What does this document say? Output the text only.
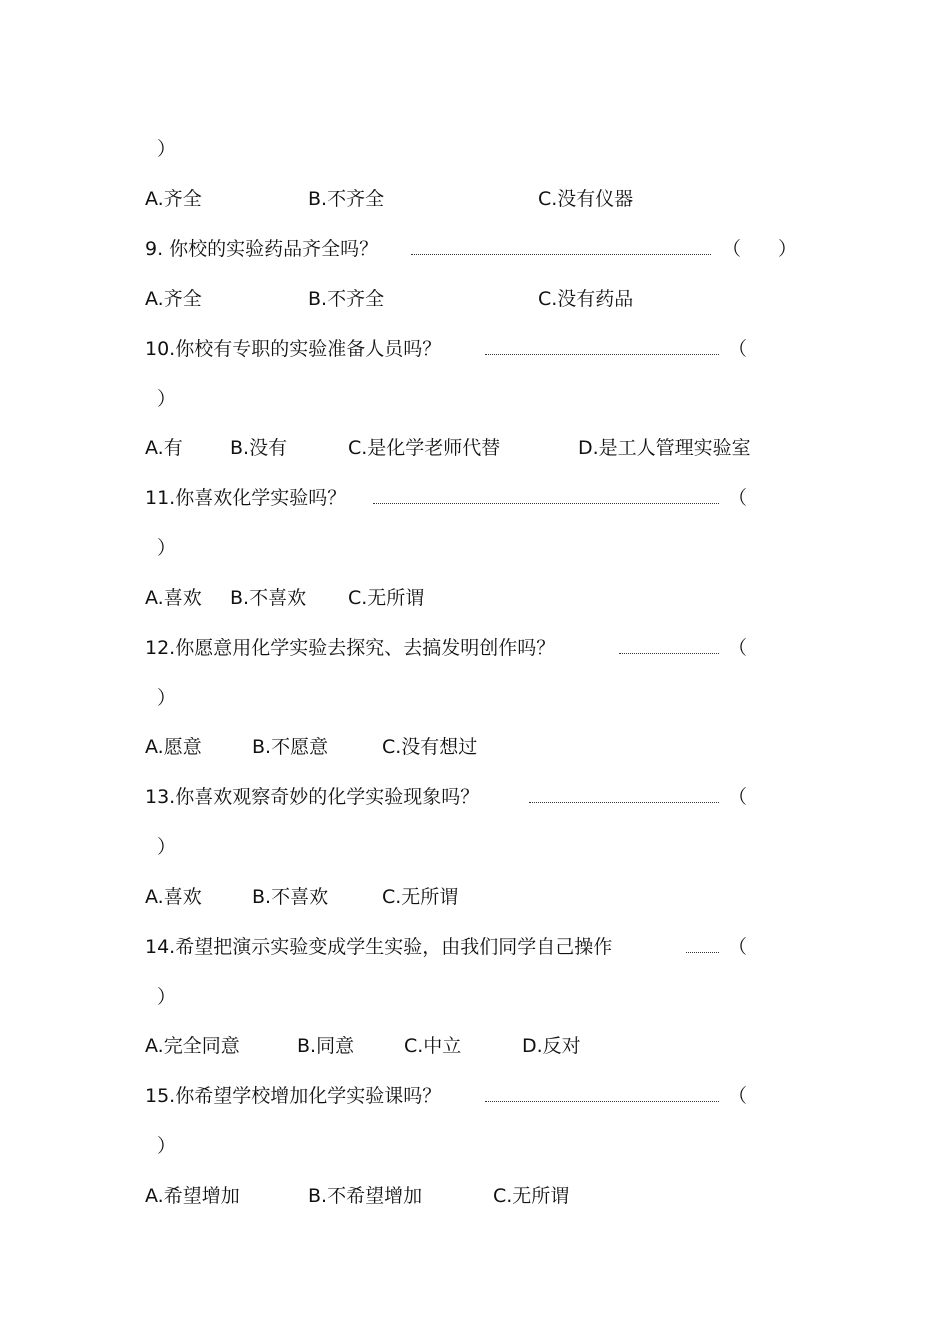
）
A.齐全	B.不齐全	C.没有仪器
9. 你校的实验药品齐全吗？	（ ）
A.齐全	B.不齐全	C.没有药品
10.你校有专职的实验准备人员吗？	（
）
A.有 B.没有	C.是化学老师代替	D.是工人管理实验室
11.你喜欢化学实验吗？	（
）
A.喜欢 B.不喜欢 C.无所谓
12.你愿意用化学实验去探究、去搞发明创作吗？	（
）
A.愿意	B.不愿意	C.没有想过
13.你喜欢观察奇妙的化学实验现象吗？	（
）
A.喜欢	B.不喜欢	C.无所谓
14.希望把演示实验变成学生实验，由我们同学自己操作	（
）
A.完全同意	B.同意	C.中立	D.反对
15.你希望学校增加化学实验课吗？	（
）
A.希望增加	B.不希望增加	C.无所谓
